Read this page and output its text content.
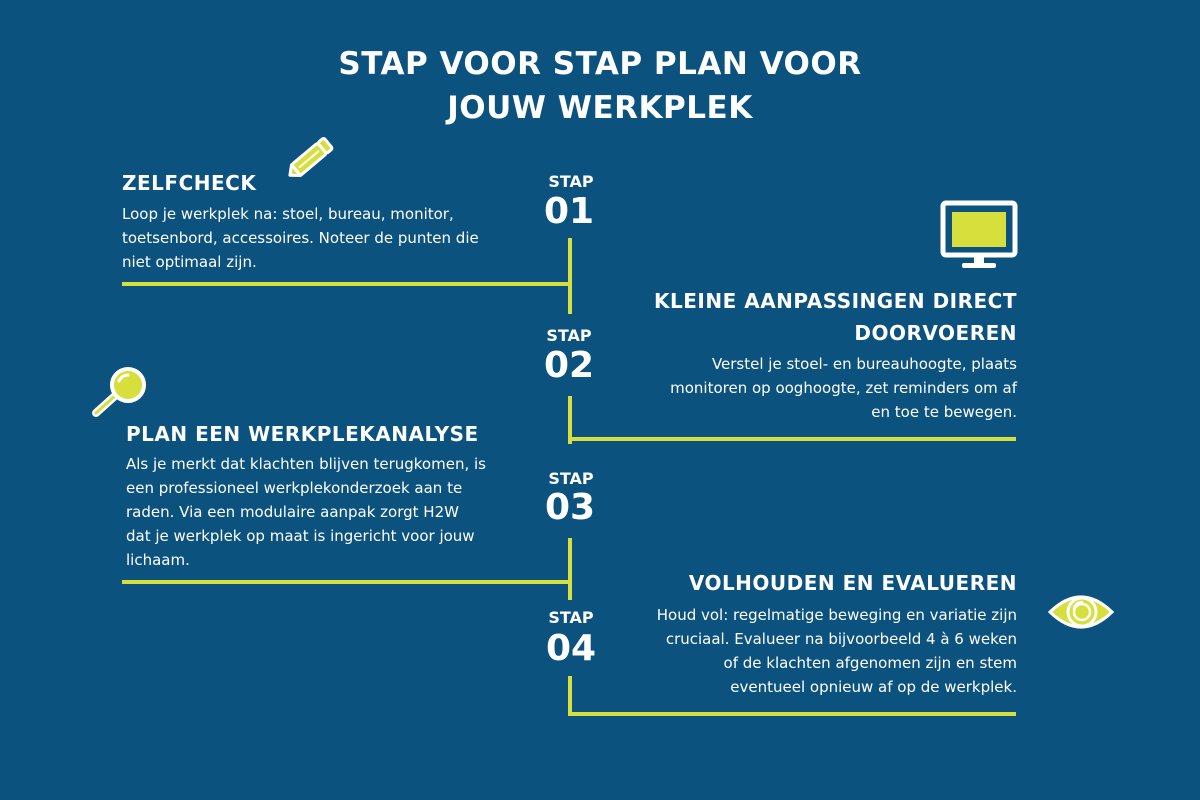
STAP VOOR STAP PLAN VOOR
JOUW WERKPLEK
STAP
01
STAP
02
STAP
03
STAP
04
ZELFCHECK
Loop je werkplek na: stoel, bureau, monitor, toetsenbord, accessoires. Noteer de punten die niet optimaal zijn.
KLEINE AANPASSINGEN DIRECT DOORVOEREN
Verstel je stoel- en bureauhoogte, plaats monitoren op ooghoogte, zet reminders om af en toe te bewegen.
PLAN EEN WERKPLEKANALYSE
Als je merkt dat klachten blijven terugkomen, is een professioneel werkplekonderzoek aan te raden. Via een modulaire aanpak zorgt H2W dat je werkplek op maat is ingericht voor jouw lichaam.
VOLHOUDEN EN EVALUEREN
Houd vol: regelmatige beweging en variatie zijn cruciaal. Evalueer na bijvoorbeeld 4 à 6 weken of de klachten afgenomen zijn en stem eventueel opnieuw af op de werkplek.
